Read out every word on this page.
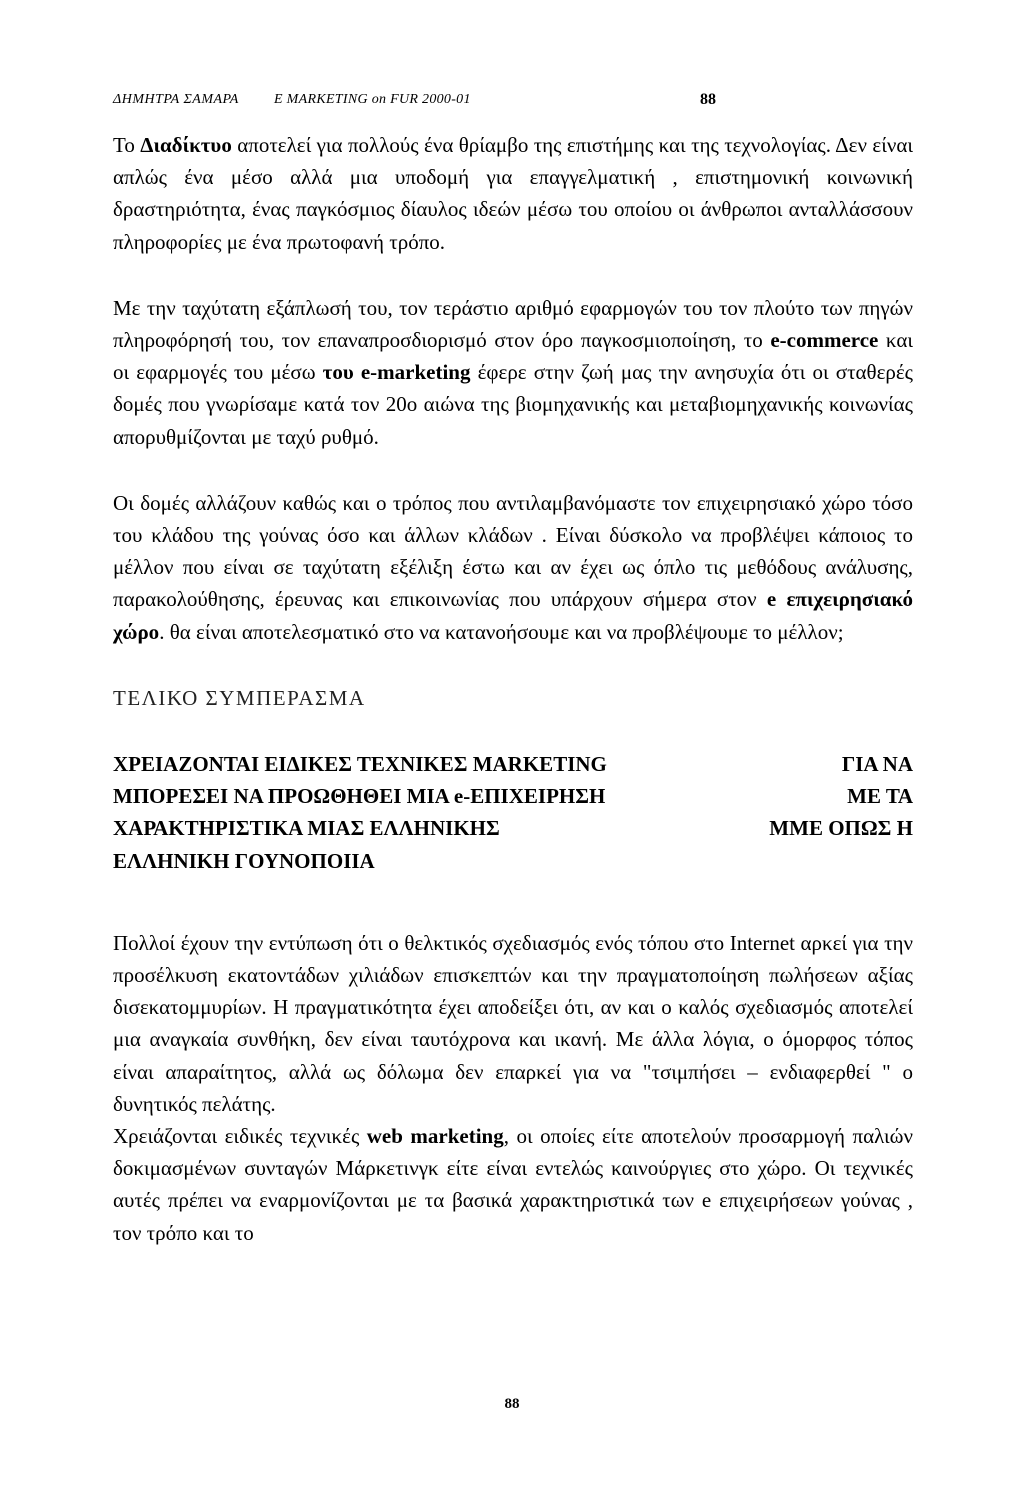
ΔΗΜΗΤΡΑ ΣΑΜΑΡΑ	E MARKETING on FUR 2000-01	88

Το Διαδίκτυο αποτελεί για πολλούς ένα θρίαμβο της επιστήμης και της τεχνολογίας. Δεν είναι απλώς ένα μέσο αλλά μια υποδομή για επαγγελματική , επιστημονική κοινωνική δραστηριότητα, ένας παγκόσμιος δίαυλος ιδεών μέσω του οποίου οι άνθρωποι ανταλλάσσουν πληροφορίες με ένα πρωτοφανή τρόπο.

Με την ταχύτατη εξάπλωσή του, τον τεράστιο αριθμό εφαρμογών του τον πλούτο των πηγών πληροφόρησή του, τον επαναπροσδιορισμό στον όρο παγκοσμιοποίηση, το e-commerce και οι εφαρμογές του μέσω του e-marketing έφερε στην ζωή μας την ανησυχία ότι οι σταθερές δομές που γνωρίσαμε κατά τον 20ο αιώνα της βιομηχανικής και μεταβιομηχανικής κοινωνίας απορυθμίζονται με ταχύ ρυθμό.

Οι δομές αλλάζουν καθώς και ο τρόπος που αντιλαμβανόμαστε τον επιχειρησιακό χώρο τόσο του κλάδου της γούνας όσο και άλλων κλάδων . Είναι δύσκολο να προβλέψει κάποιος το μέλλον που είναι σε ταχύτατη εξέλιξη έστω και αν έχει ως όπλο τις μεθόδους ανάλυσης, παρακολούθησης, έρευνας και επικοινωνίας που υπάρχουν σήμερα στον e επιχειρησιακό χώρο. θα είναι αποτελεσματικό στο να κατανοήσουμε και να προβλέψουμε το μέλλον;

ΤΕΛΙΚΟ ΣΥΜΠΕΡΑΣΜΑ
ΧΡΕΙΑΖΟΝΤΑΙ ΕΙΔΙΚΕΣ ΤΕΧΝΙΚΕΣ MARKETING	ΓΙΑ ΝΑ
ΜΠΟΡΕΣΕΙ ΝΑ ΠΡΟΩΘΗΘΕΙ ΜΙΑ e-ΕΠΙΧΕΙΡΗΣΗ	ΜΕ ΤΑ
ΧΑΡΑΚΤΗΡΙΣΤΙΚΑ ΜΙΑΣ ΕΛΛΗΝΙΚΗΣ	ΜΜΕ ΟΠΩΣ Η
ΕΛΛΗΝΙΚΗ ΓΟΥΝΟΠΟΙΙΑ

Πολλοί έχουν την εντύπωση ότι ο θελκτικός σχεδιασμός ενός τόπου στο Internet αρκεί για την προσέλκυση εκατοντάδων χιλιάδων επισκεπτών και την πραγματοποίηση πωλήσεων αξίας δισεκατομμυρίων. Η πραγματικότητα έχει αποδείξει ότι, αν και ο καλός σχεδιασμός αποτελεί μια αναγκαία συνθήκη, δεν είναι ταυτόχρονα και ικανή. Με άλλα λόγια, ο όμορφος τόπος είναι απαραίτητος, αλλά ως δόλωμα δεν επαρκεί για να "τσιμπήσει – ενδιαφερθεί " ο δυνητικός πελάτης.

Χρειάζονται ειδικές τεχνικές web marketing, οι οποίες είτε αποτελούν προσαρμογή παλιών δοκιμασμένων συνταγών Μάρκετινγκ είτε είναι εντελώς καινούργιες στο χώρο. Οι τεχνικές αυτές πρέπει να εναρμονίζονται με τα βασικά χαρακτηριστικά των e επιχειρήσεων γούνας , τον τρόπο και το

88
